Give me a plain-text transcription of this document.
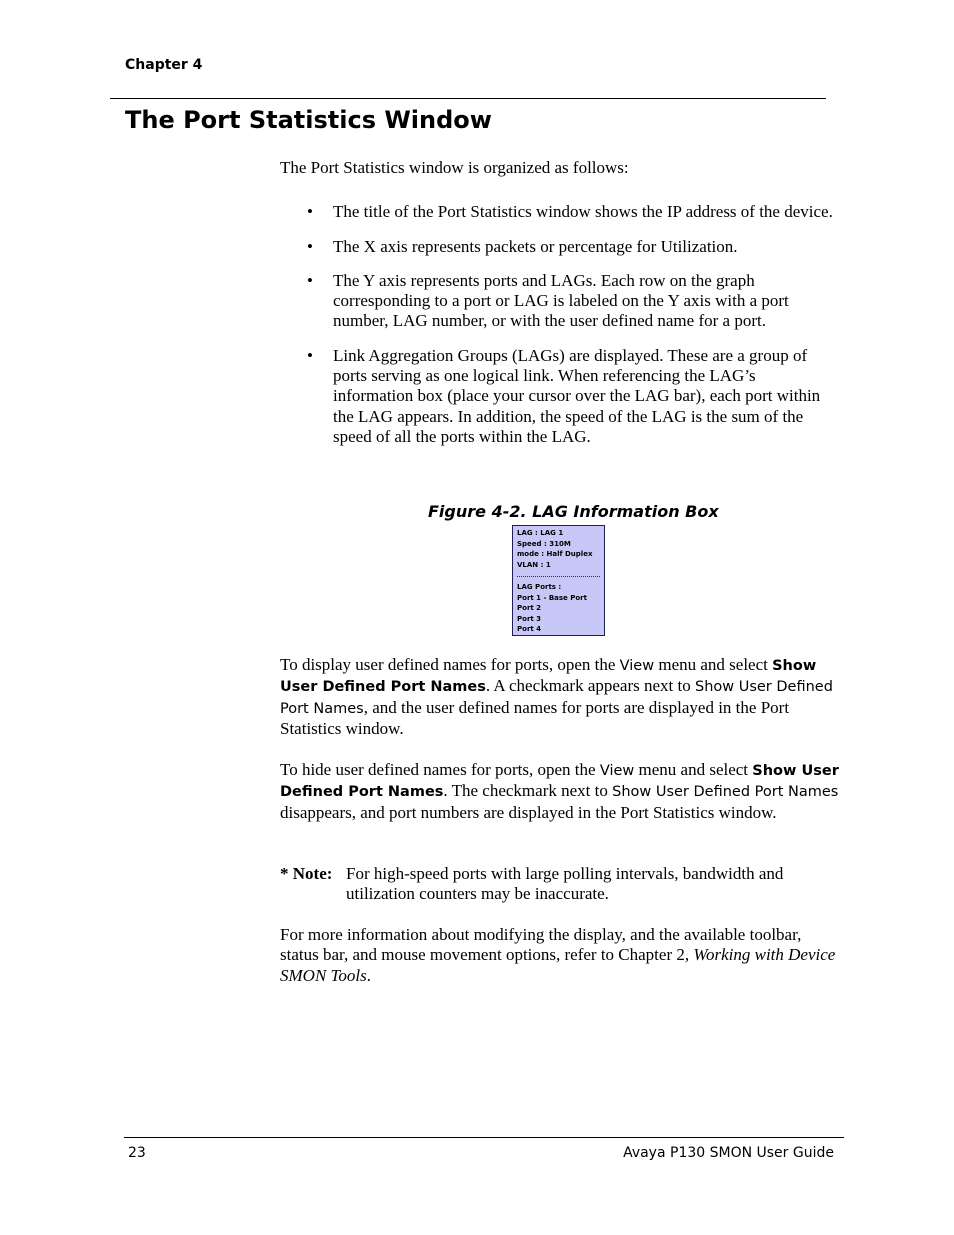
Chapter 4
The Port Statistics Window

The Port Statistics window is organized as follows:

• The title of the Port Statistics window shows the IP address of the device.
• The X axis represents packets or percentage for Utilization.
• The Y axis represents ports and LAGs. Each row on the graph corresponding to a port or LAG is labeled on the Y axis with a port number, LAG number, or with the user defined name for a port.
• Link Aggregation Groups (LAGs) are displayed. These are a group of ports serving as one logical link. When referencing the LAG’s information box (place your cursor over the LAG bar), each port within the LAG appears. In addition, the speed of the LAG is the sum of the speed of all the ports within the LAG.
Figure 4-2. LAG Information Box
LAG : LAG 1
Speed : 310M
mode : Half Duplex
VLAN : 1
LAG Ports :
Port 1 - Base Port
Port 2
Port 3
Port 4

To display user defined names for ports, open the View menu and select Show User Defined Port Names. A checkmark appears next to Show User Defined Port Names, and the user defined names for ports are displayed in the Port Statistics window.

To hide user defined names for ports, open the View menu and select Show User Defined Port Names. The checkmark next to Show User Defined Port Names disappears, and port numbers are displayed in the Port Statistics window.

* Note: For high-speed ports with large polling intervals, bandwidth and utilization counters may be inaccurate.

For more information about modifying the display, and the available toolbar, status bar, and mouse movement options, refer to Chapter 2, Working with Device SMON Tools.

23	Avaya P130 SMON User Guide
